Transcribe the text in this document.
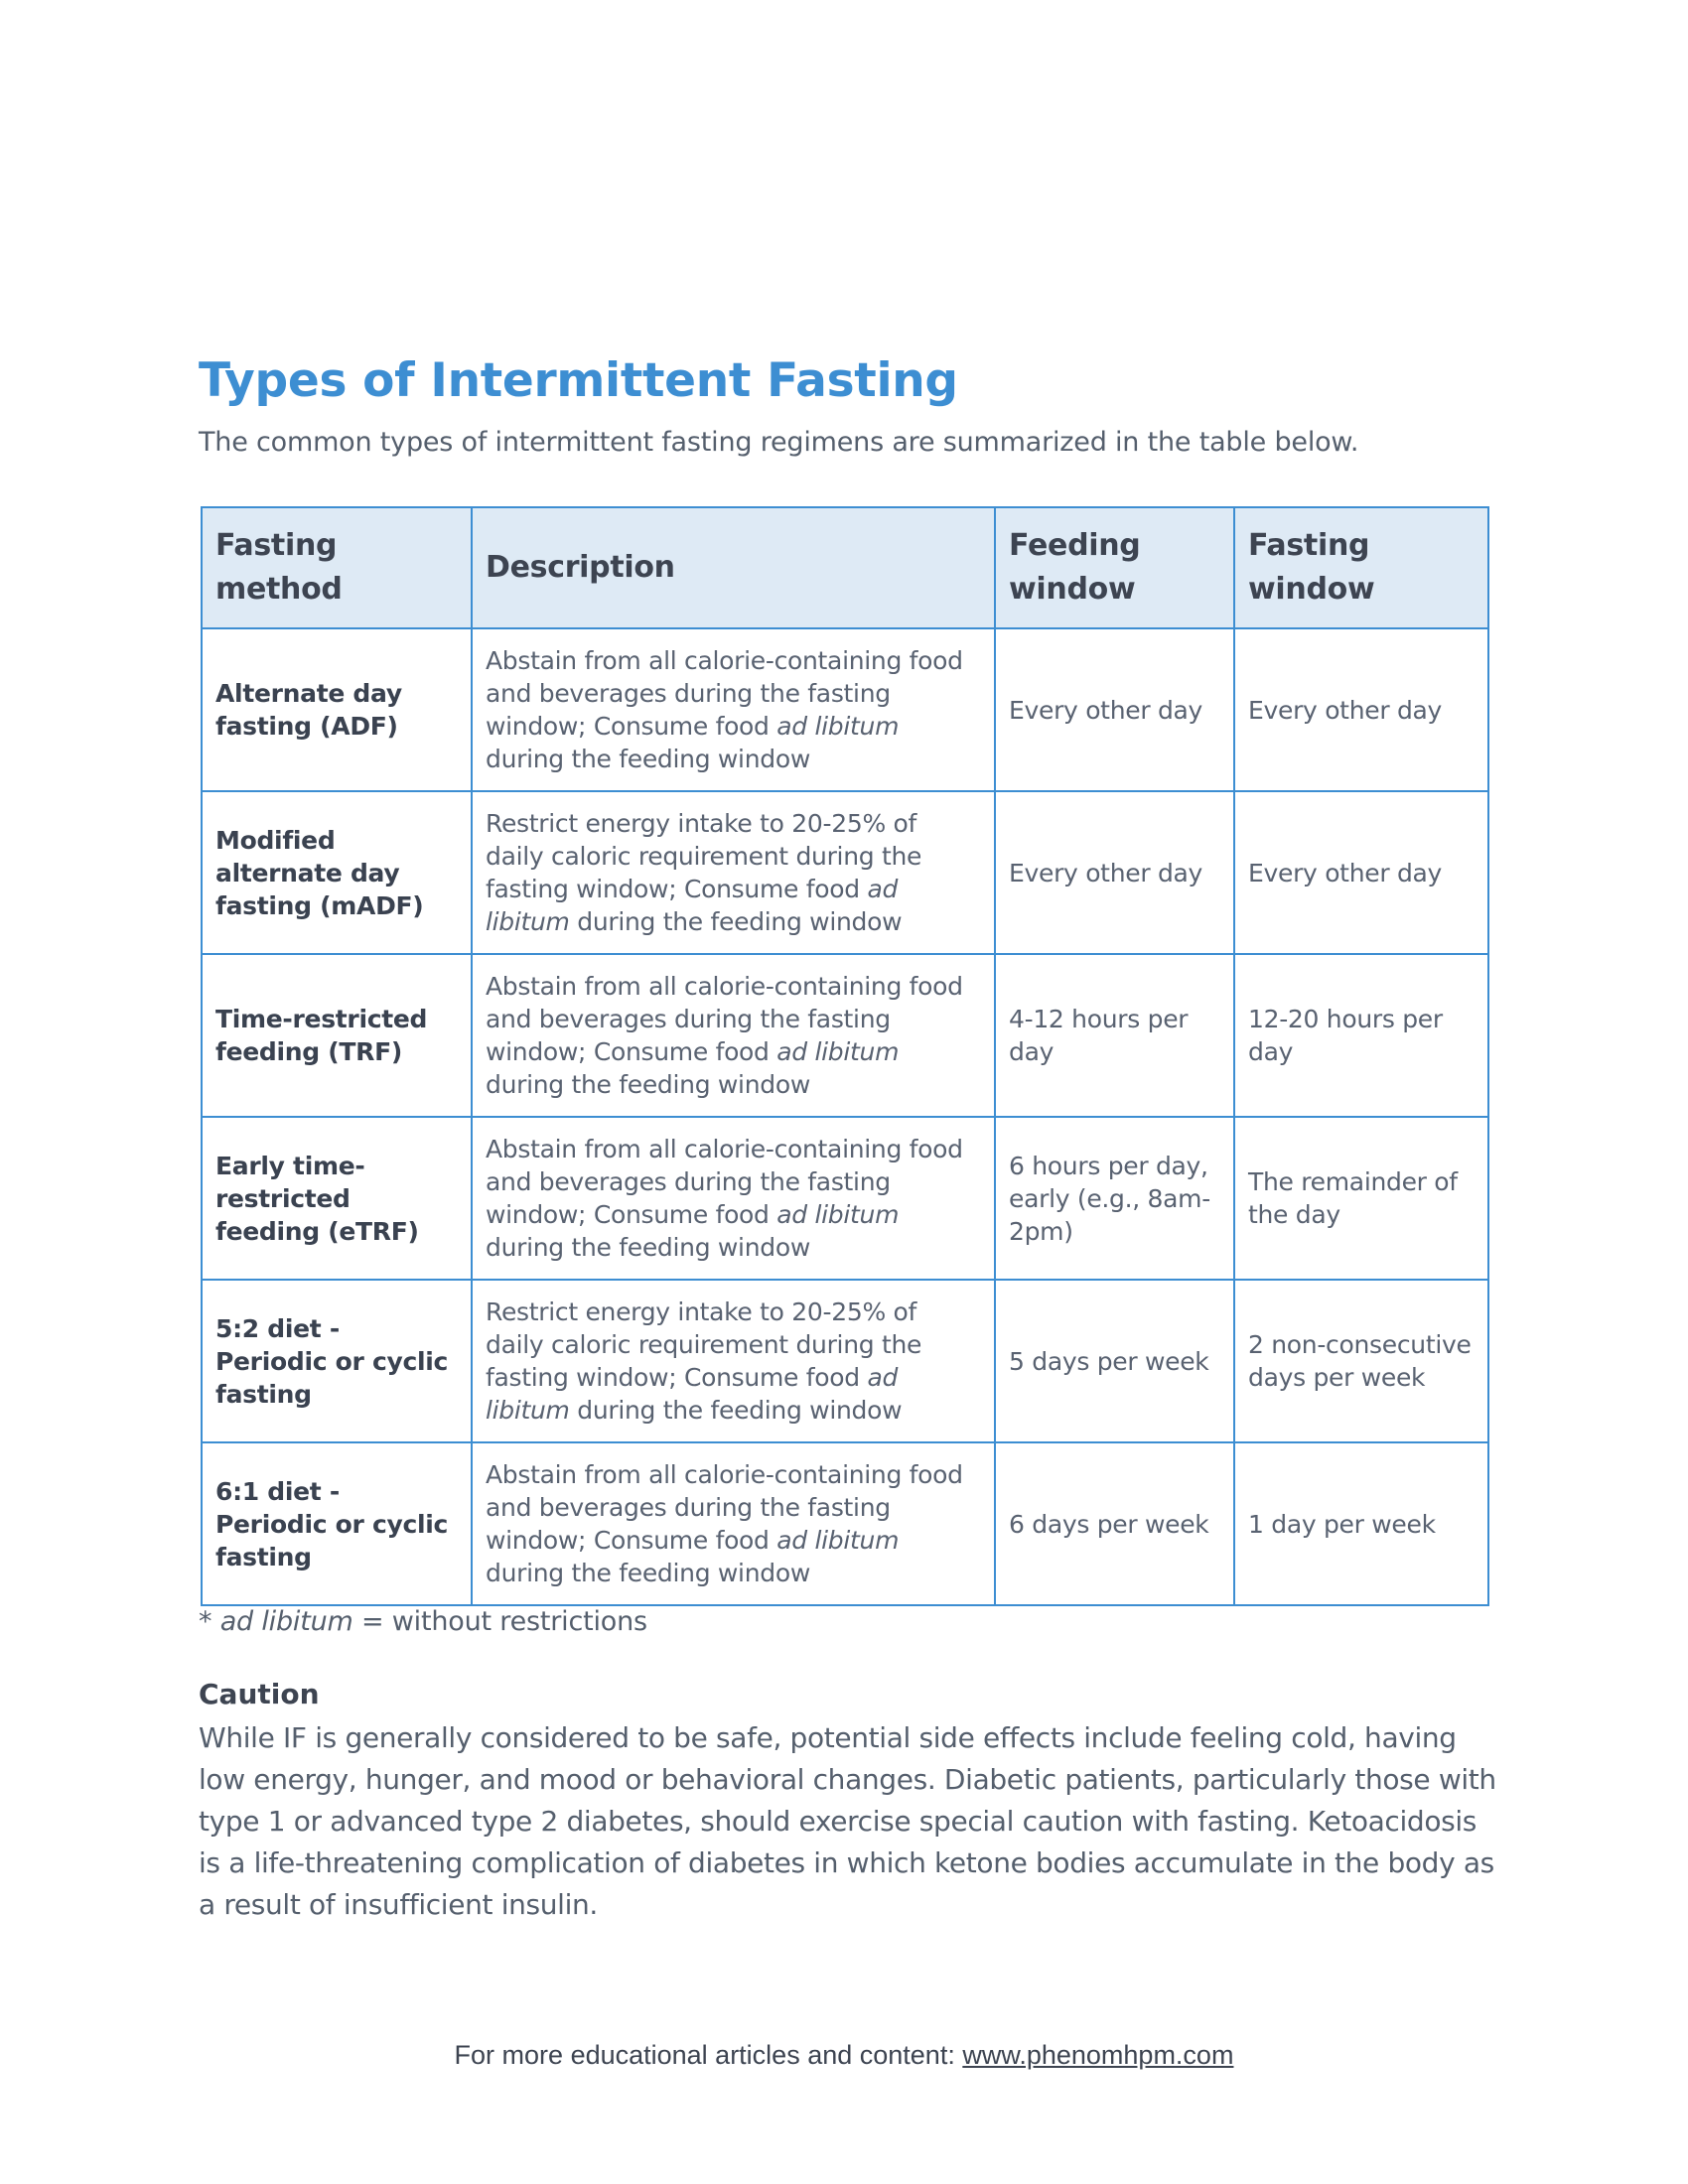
Types of Intermittent Fasting

The common types of intermittent fasting regimens are summarized in the table below.

Fasting method	Description	Feeding window	Fasting window
Alternate day fasting (ADF)	Abstain from all calorie-containing food and beverages during the fasting window; Consume food ad libitum during the feeding window	Every other day	Every other day
Modified alternate day fasting (mADF)	Restrict energy intake to 20-25% of daily caloric requirement during the fasting window; Consume food ad libitum during the feeding window	Every other day	Every other day
Time-restricted feeding (TRF)	Abstain from all calorie-containing food and beverages during the fasting window; Consume food ad libitum during the feeding window	4-12 hours per day	12-20 hours per day
Early time-restricted feeding (eTRF)	Abstain from all calorie-containing food and beverages during the fasting window; Consume food ad libitum during the feeding window	6 hours per day, early (e.g., 8am-2pm)	The remainder of the day
5:2 diet - Periodic or cyclic fasting	Restrict energy intake to 20-25% of daily caloric requirement during the fasting window; Consume food ad libitum during the feeding window	5 days per week	2 non-consecutive days per week
6:1 diet - Periodic or cyclic fasting	Abstain from all calorie-containing food and beverages during the fasting window; Consume food ad libitum during the feeding window	6 days per week	1 day per week

* ad libitum = without restrictions

Caution

While IF is generally considered to be safe, potential side effects include feeling cold, having low energy, hunger, and mood or behavioral changes. Diabetic patients, particularly those with type 1 or advanced type 2 diabetes, should exercise special caution with fasting. Ketoacidosis is a life-threatening complication of diabetes in which ketone bodies accumulate in the body as a result of insufficient insulin.

For more educational articles and content: www.phenomhpm.com
